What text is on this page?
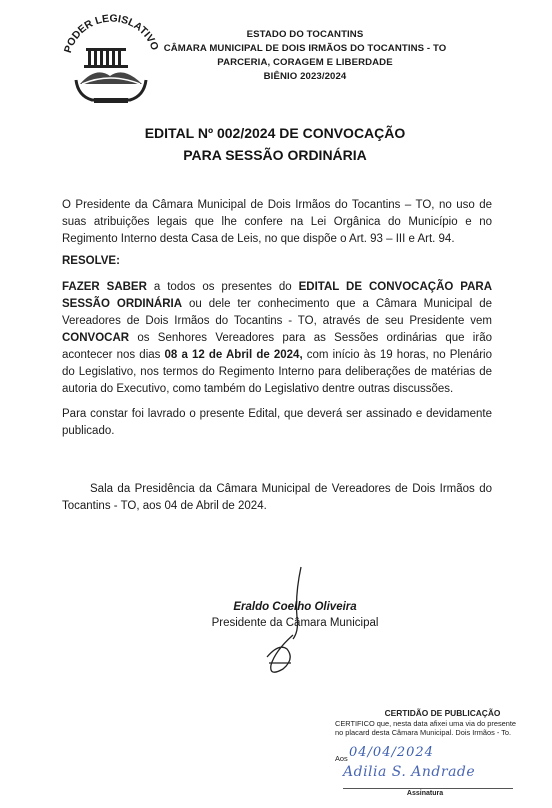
PODER LEGISLATIVO
ESTADO DO TOCANTINS
CÂMARA MUNICIPAL DE DOIS IRMÃOS DO TOCANTINS - TO
PARCERIA, CORAGEM E LIBERDADE
BIÊNIO 2023/2024
EDITAL Nº 002/2024 DE CONVOCAÇÃO
PARA SESSÃO ORDINÁRIA
O Presidente da Câmara Municipal de Dois Irmãos do Tocantins – TO, no uso de suas atribuições legais que lhe confere na Lei Orgânica do Município e no Regimento Interno desta Casa de Leis, no que dispõe o Art. 93 – III e Art. 94.
RESOLVE:
FAZER SABER a todos os presentes do EDITAL DE CONVOCAÇÃO PARA SESSÃO ORDINÁRIA ou dele ter conhecimento que a Câmara Municipal de Vereadores de Dois Irmãos do Tocantins - TO, através de seu Presidente vem CONVOCAR os Senhores Vereadores para as Sessões ordinárias que irão acontecer nos dias 08 a 12 de Abril de 2024, com início às 19 horas, no Plenário do Legislativo, nos termos do Regimento Interno para deliberações de matérias de autoria do Executivo, como também do Legislativo dentre outras discussões.
Para constar foi lavrado o presente Edital, que deverá ser assinado e devidamente publicado.
Sala da Presidência da Câmara Municipal de Vereadores de Dois Irmãos do Tocantins - TO, aos 04 de Abril de 2024.
Eraldo Coelho Oliveira
Presidente da Câmara Municipal
CERTIDÃO DE PUBLICAÇÃO
CERTIFICO que, nesta data afixei uma via do presente
no placard desta Câmara Municipal. Dois Irmãos - To.
Aos 04/04/2024
Adilia S. Andrade
Assinatura
